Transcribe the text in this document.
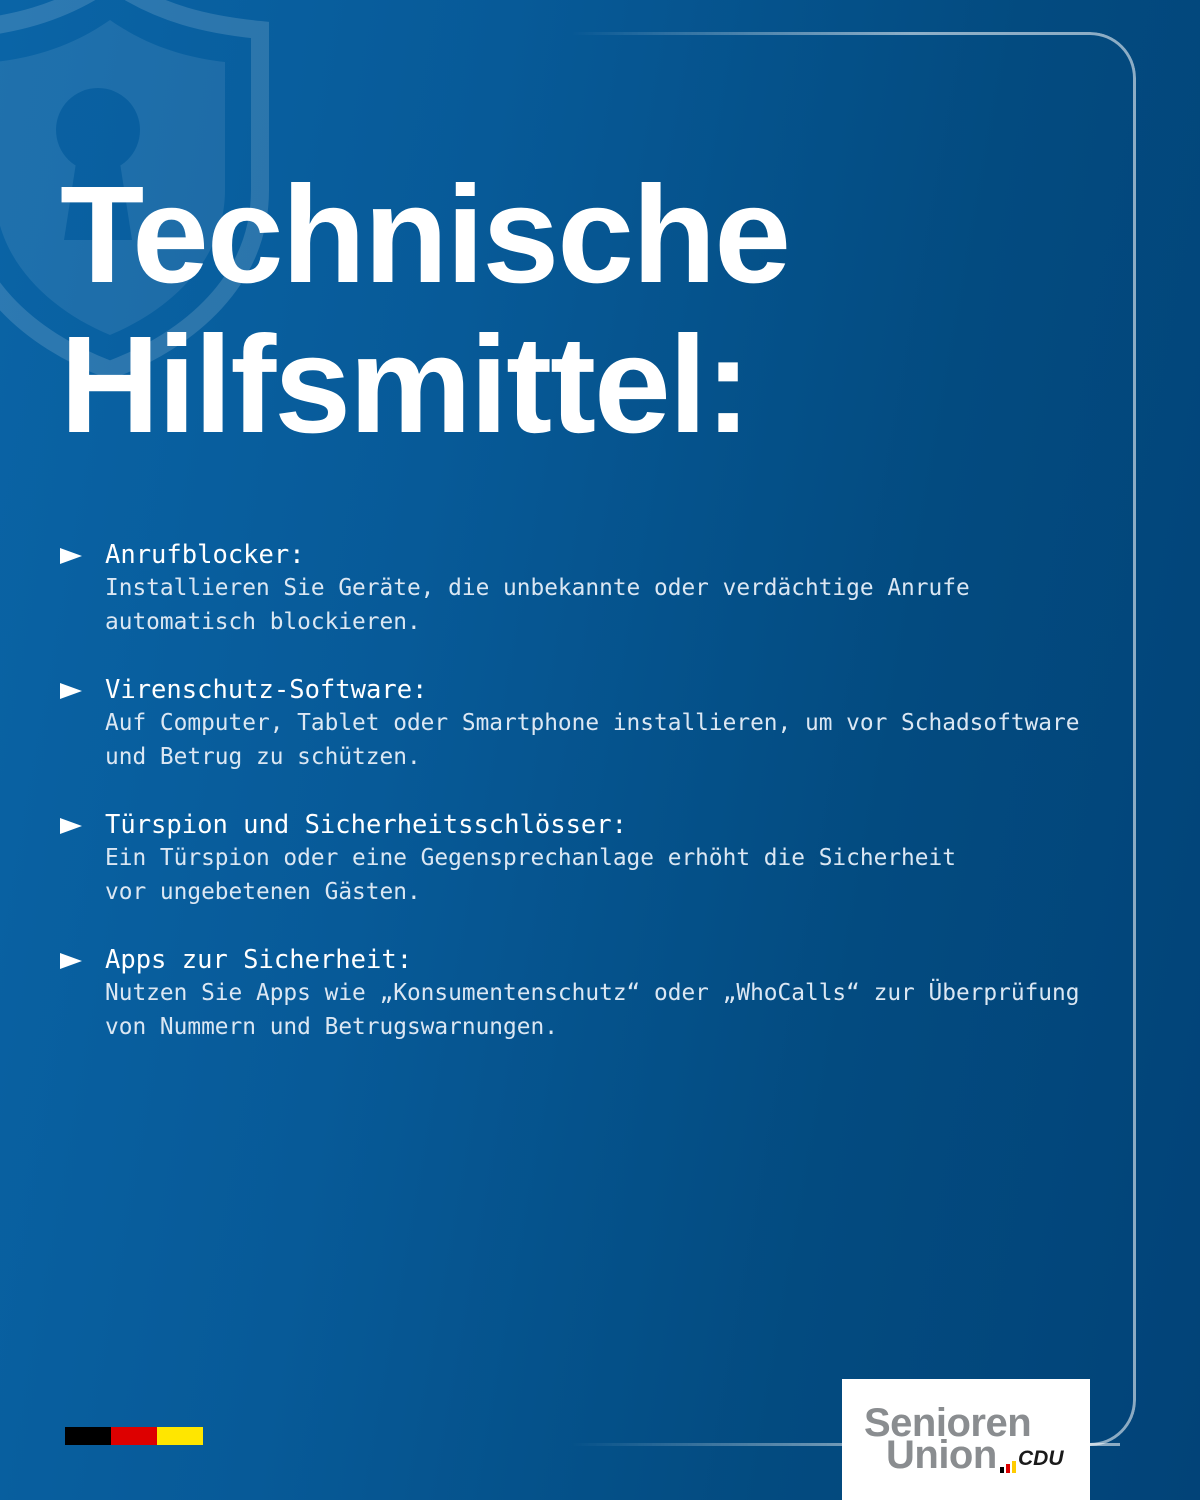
Technische
Hilfsmittel:
Anrufblocker:
Installieren Sie Geräte, die unbekannte oder verdächtige Anrufe
automatisch blockieren.
Virenschutz-Software:
Auf Computer, Tablet oder Smartphone installieren, um vor Schadsoftware
und Betrug zu schützen.
Türspion und Sicherheitsschlösser:
Ein Türspion oder eine Gegensprechanlage erhöht die Sicherheit
vor ungebetenen Gästen.
Apps zur Sicherheit:
Nutzen Sie Apps wie „Konsumentenschutz“ oder „WhoCalls“ zur Überprüfung
von Nummern und Betrugswarnungen.
Senioren
Union CDU
